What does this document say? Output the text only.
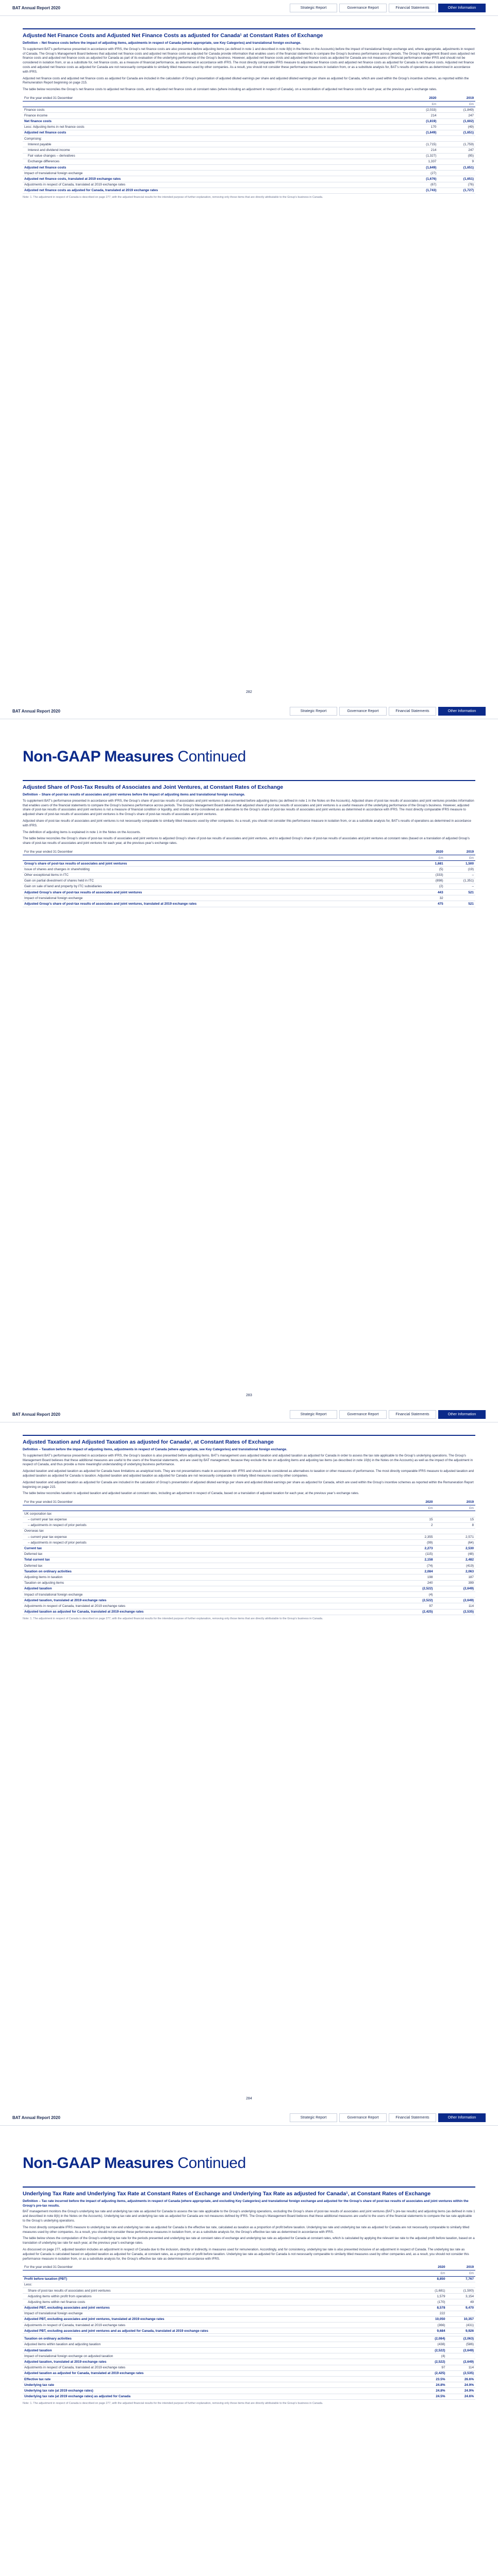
BAT Annual Report 2020	Strategic Report	Governance Report	Financial Statements	Other Information
Adjusted Net Finance Costs and Adjusted Net Finance Costs as adjusted for Canada¹ at Constant Rates of Exchange
Definition – Net finance costs before the impact of adjusting items, adjustments in respect of Canada (where appropriate, see Key Categories) and translational foreign exchange.

To supplement BAT’s performance presented in accordance with IFRS, the Group’s net finance costs are also presented before adjusting items (as defined in note 1 and described in note 8(b) in the Notes on the Accounts) before the impact of translational foreign exchange and, where appropriate, adjustments in respect of Canada. The Group’s Management Board believes that adjusted net finance costs and adjusted net finance costs as adjusted for Canada provide information that enables users of the financial statements to compare the Group’s business performance across periods. The Group’s Management Board uses adjusted net finance costs and adjusted net finance costs as adjusted for Canada as part of its evaluation of the underlying performance of the Group’s business. However, adjusted net finance costs and adjusted net finance costs as adjusted for Canada are not measures of financial performance under IFRS and should not be considered in isolation from, or as a substitute for, net finance costs, as a measure of financial performance, as determined in accordance with IFRS. The most directly comparable IFRS measure to adjusted net finance costs and adjusted net finance costs as adjusted for Canada is net finance costs. Adjusted net finance costs and adjusted net finance costs as adjusted for Canada are not necessarily comparable to similarly titled measures used by other companies. As a result, you should not consider these performance measures in isolation from, or as a substitute analysis for, BAT’s results of operations as determined in accordance with IFRS.

Adjusted net finance costs and adjusted net finance costs as adjusted for Canada are included in the calculation of Group’s presentation of adjusted diluted earnings per share and adjusted diluted earnings per share as adjusted for Canada, which are used within the Group’s incentive schemes, as reported within the Remuneration Report beginning on page 215.

The table below reconciles the Group’s net finance costs to adjusted net finance costs, and to adjusted net finance costs at constant rates (where including an adjustment in respect of Canada), on a reconciliation of adjusted net finance costs for each year, at the previous year’s exchange rates.

For the year ended 31 December	2020	2019
	£m	£m
Finance costs	(2,033)	(1,849)
Finance income	214	247
Net finance costs	(1,819)	(1,602)
Less: Adjusting items in net finance costs	170	(49)
Adjusted net finance costs	(1,649)	(1,651)
Comprising:		
Interest payable	(1,715)	(1,759)
Interest and dividend income	214	247
Fair value changes – derivatives	(1,327)	(95)
Exchange differences	1,337	9
Adjusted net finance costs	(1,649)	(1,651)
Impact of translational foreign exchange	(27)	
Adjusted net finance costs, translated at 2019 exchange rates	(1,676)	(1,651)
Adjustments in respect of Canada, translated at 2019 exchange rates	(67)	(76)
Adjusted net finance costs as adjusted for Canada, translated at 2019 exchange rates	(1,743)	(1,727)
Note: 1. The adjustment in respect of Canada is described on page 277, with the adjusted financial results for the intended purpose of further explanation, removing only those items that are directly attributable to the Group’s business in Canada.
282
BAT Annual Report 2020	Strategic Report	Governance Report	Financial Statements	Other Information
Non-GAAP Measures Continued
Adjusted Share of Post-Tax Results of Associates and Joint Ventures, at Constant Rates of Exchange
Definition – Share of post-tax results of associates and joint ventures before the impact of adjusting items and translational foreign exchange.

To supplement BAT’s performance presented in accordance with IFRS, the Group’s share of post-tax results of associates and joint ventures is also presented before adjusting items (as defined in note 1 in the Notes on the Accounts). Adjusted share of post-tax results of associates and joint ventures provides information that enables users of the financial statements to compare the Group’s business performance across periods. The Group’s Management Board believes that adjusted share of post-tax results of associates and joint ventures is a useful measure of the underlying performance of the Group’s business. However, adjusted share of post-tax results of associates and joint ventures is not a measure of financial condition or liquidity, and should not be considered as an alternative to the Group’s share of post-tax results of associates and joint ventures as determined in accordance with IFRS. The most directly comparable IFRS measure to adjusted share of post-tax results of associates and joint ventures is the Group’s share of post-tax results of associates and joint ventures.

Adjusted share of post-tax results of associates and joint ventures is not necessarily comparable to similarly titled measures used by other companies. As a result, you should not consider this performance measure in isolation from, or as a substitute analysis for, BAT’s results of operations as determined in accordance with IFRS.

The definition of adjusting items is explained in note 1 in the Notes on the Accounts.

The table below reconciles the Group’s share of post-tax results of associates and joint ventures to adjusted Group’s share of post-tax results of associates and joint ventures, and to adjusted Group’s share of post-tax results of associates and joint ventures at constant rates (based on a translation of adjusted Group’s share of post-tax results of associates and joint ventures for each year, at the previous year’s exchange rates.

For the year ended 31 December	2020	2019
	£m	£m
Group’s share of post-tax results of associates and joint ventures	1,681	1,500
Issue of shares and changes in shareholding	(5)	(19)
Other exceptional items in ITC	(333)	–
Gain on partial divestment of shares held in ITC	(898)	(1,351)
Gain on sale of land and property by ITC subsidiaries	(2)	–
Adjusted Group’s share of post-tax results of associates and joint ventures	443	521
Impact of translational foreign exchange	32	
Adjusted Group’s share of post-tax results of associates and joint ventures, translated at 2019 exchange rates	475	521
283
BAT Annual Report 2020	Strategic Report	Governance Report	Financial Statements	Other Information
Adjusted Taxation and Adjusted Taxation as adjusted for Canada¹, at Constant Rates of Exchange
Definition – Taxation before the impact of adjusting items, adjustments in respect of Canada (where appropriate, see Key Categories) and translational foreign exchange.

To supplement BAT’s performance presented in accordance with IFRS, the Group’s taxation is also presented before adjusting items. BAT’s management uses adjusted taxation and adjusted taxation as adjusted for Canada in order to assess the tax rate applicable to the Group’s underlying operations. The Group’s Management Board believes that these additional measures are useful to the users of the financial statements, and are used by BAT management, because they exclude the tax on adjusting items and adjusting tax items (as described in note 10(b) in the Notes on the Accounts) as well as the impact of the adjustment in respect of Canada, and thus provide a more meaningful understanding of underlying business performance.

Adjusted taxation and adjusted taxation as adjusted for Canada have limitations as analytical tools. They are not presentations made in accordance with IFRS and should not be considered as alternatives to taxation or other measures of performance. The most directly comparable IFRS measure to adjusted taxation and adjusted taxation as adjusted for Canada is taxation. Adjusted taxation and adjusted taxation as adjusted for Canada are not necessarily comparable to similarly titled measures used by other companies.

Adjusted taxation and adjusted taxation as adjusted for Canada are included in the calculation of Group’s presentation of adjusted diluted earnings per share and adjusted diluted earnings per share as adjusted for Canada, which are used within the Group’s incentive schemes as reported within the Remuneration Report beginning on page 215.

The table below reconciles taxation to adjusted taxation and adjusted taxation at constant rates, including an adjustment in respect of Canada, based on a translation of adjusted taxation for each year, at the previous year’s exchange rates.

For the year ended 31 December	2020	2019
	£m	£m
UK corporation tax		
– current year tax expense	15	15
– adjustments in respect of prior periods	2	8
Overseas tax		
– current year tax expense	2,355	2,571
– adjustments in respect of prior periods	(99)	(64)
Current tax	2,273	2,530
Deferred tax	(115)	(48)
Total current tax	2,158	2,482
Deferred tax	(74)	(419)
Taxation on ordinary activities	2,084	2,063
Adjusting items in taxation	198	187
Taxation on adjusting items	240	399
Adjusted taxation	(2,522)	(2,649)
Impact of translational foreign exchange	(4)	
Adjusted taxation, translated at 2019 exchange rates	(2,522)	(2,649)
Adjustments in respect of Canada, translated at 2019 exchange rates	97	114
Adjusted taxation as adjusted for Canada, translated at 2019 exchange rates	(2,425)	(2,535)
Note: 1. The adjustment in respect of Canada is described on page 277, with the adjusted financial results for the intended purpose of further explanation, removing only those items that are directly attributable to the Group’s business in Canada.
284
BAT Annual Report 2020	Strategic Report	Governance Report	Financial Statements	Other Information
Non-GAAP Measures Continued
Underlying Tax Rate and Underlying Tax Rate at Constant Rates of Exchange and Underlying Tax Rate as adjusted for Canada¹, at Constant Rates of Exchange
Definition – Tax rate incurred before the impact of adjusting items, adjustments in respect of Canada (where appropriate, and excluding Key Categories) and translational foreign exchange and adjusted for the Group’s share of post-tax results of associates and joint ventures within the Group’s pre-tax results.

BAT management monitors the Group’s underlying tax rate and underlying tax rate as adjusted for Canada to assess the tax rate applicable to the Group’s underlying operations, excluding the Group’s share of post-tax results of associates and joint ventures (BAT’s pre-tax results) and adjusting items (as defined in note 1 and described in note 8(b) in the Notes on the Accounts). Underlying tax rate and underlying tax rate as adjusted for Canada are not measures defined by IFRS. The Group’s Management Board believes that these additional measures are useful to the users of the financial statements to compare the tax rate applicable to the Group’s underlying operations.

The most directly comparable IFRS measure to underlying tax rate and underlying tax rate as adjusted for Canada is the effective tax rate, calculated as taxation as a proportion of profit before taxation. Underlying tax rate and underlying tax rate as adjusted for Canada are not necessarily comparable to similarly titled measures used by other companies. As a result, you should not consider these performance measures in isolation from, or as a substitute analysis for, the Group’s effective tax rate as determined in accordance with IFRS.

The table below shows the computation of the Group’s underlying tax rate for the periods presented and underlying tax rate at constant rates of exchange and underlying tax rate as adjusted for Canada at constant rates, which is calculated by applying the relevant tax rate to the adjusted profit before taxation, based on a translation of underlying tax rate for each year, at the previous year’s exchange rates.

As discussed on page 277, adjusted taxation includes an adjustment in respect of Canada due to the inclusion, directly or indirectly, in measures used for remuneration. Accordingly, and for consistency, underlying tax rate is also presented inclusive of an adjustment in respect of Canada. The underlying tax rate as adjusted for Canada is calculated based on adjusted taxation as adjusted for Canada, at constant rates, as a proportion of profit before taxation. Underlying tax rate as adjusted for Canada is not necessarily comparable to similarly titled measures used by other companies and, as a result, you should not consider this performance measure in isolation from, or as a substitute analysis for, the Group’s effective tax rate as determined in accordance with IFRS.

For the year ended 31 December	2020	2019
	£m	£m
Profit before taxation (PBT)	8,850	7,767
Less:		
Share of post-tax results of associates and joint ventures	(1,681)	(1,500)
Adjusting items within profit from operations	1,579	3,154
Adjusting items within net finance costs	(170)	49
Adjusted PBT, excluding associates and joint ventures	8,578	9,470
Impact of translational foreign exchange	222	
Adjusted PBT, excluding associates and joint ventures, translated at 2019 exchange rates	10,050	10,357
Adjustments in respect of Canada, translated at 2019 exchange rates	(366)	(431)
Adjusted PBT, excluding associates and joint ventures and as adjusted for Canada, translated at 2019 exchange rates	9,684	9,926

Taxation on ordinary activities	(2,084)	(2,063)
Adjusted items within taxation and adjusting taxation	(438)	(586)
Adjusted taxation	(2,522)	(2,649)
Impact of translational foreign exchange on adjusted taxation	(4)	
Adjusted taxation, translated at 2019 exchange rates	(2,522)	(2,649)
Adjustments in respect of Canada, translated at 2019 exchange rates	97	114
Adjusted taxation as adjusted for Canada, translated at 2019 exchange rates	(2,425)	(2,535)
Effective tax rate	23.5%	26.6%
Underlying tax rate	24.8%	24.9%
Underlying tax rate (at 2019 exchange rates)	24.8%	24.9%
Underlying tax rate (at 2019 exchange rates) as adjusted for Canada	24.5%	24.6%
Note: 1. The adjustment in respect of Canada is described on page 277, with the adjusted financial results for the intended purpose of further explanation, removing only those items that are directly attributable to the Group’s business in Canada.
